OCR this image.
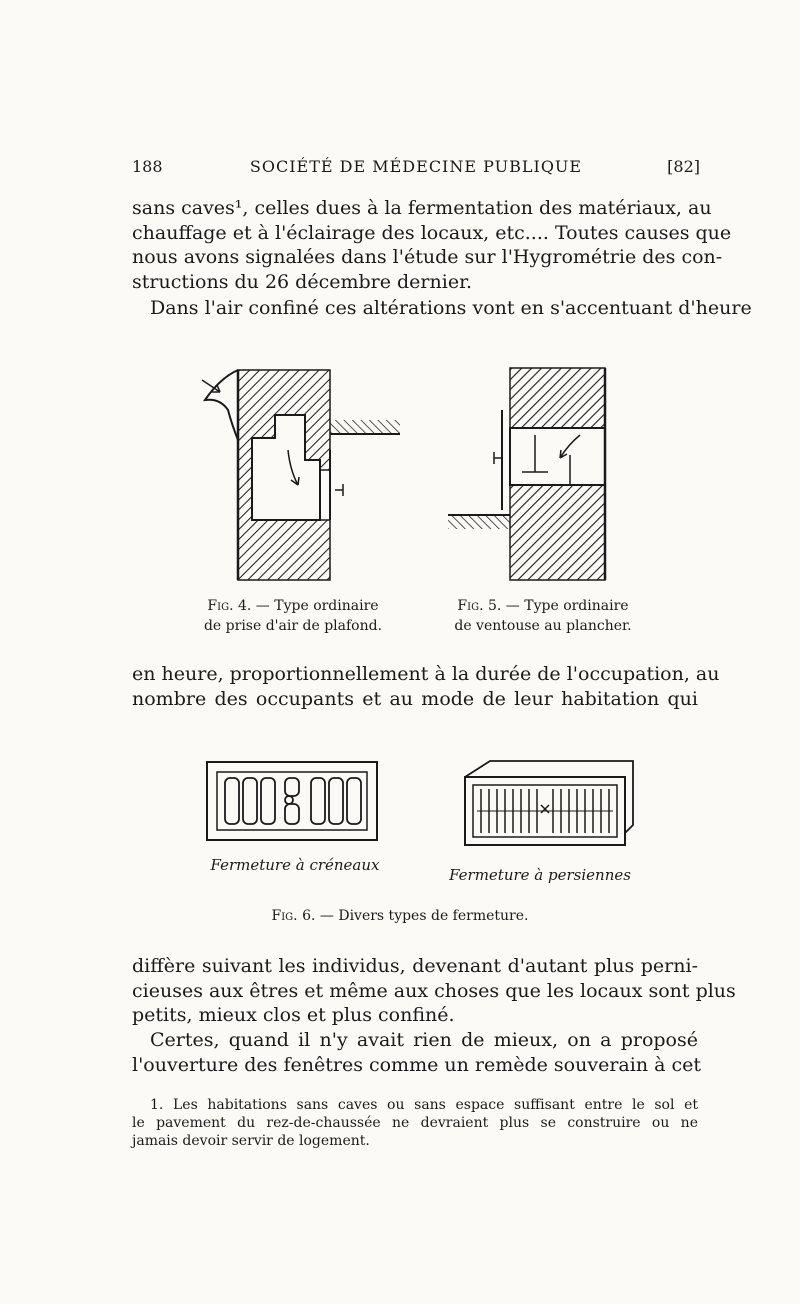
188	SOCIÉTÉ DE MÉDECINE PUBLIQUE	[82]
sans caves¹, celles dues à la fermentation des matériaux, au
chauffage et à l'éclairage des locaux, etc.... Toutes causes que
nous avons signalées dans l'étude sur l'Hygrométrie des con-
structions du 26 décembre dernier.
Dans l'air confiné ces altérations vont en s'accentuant d'heure
Fig. 4. — Type ordinaire
de prise d'air de plafond.
Fig. 5. — Type ordinaire
de ventouse au plancher.
en heure, proportionnellement à la durée de l'occupation, au
nombre des occupants et au mode de leur habitation qui
Fermeture à créneaux
Fermeture à persiennes
Fig. 6. — Divers types de fermeture.
diffère suivant les individus, devenant d'autant plus perni-
cieuses aux êtres et même aux choses que les locaux sont plus
petits, mieux clos et plus confiné.
Certes, quand il n'y avait rien de mieux, on a proposé
l'ouverture des fenêtres comme un remède souverain à cet
1. Les habitations sans caves ou sans espace suffisant entre le sol et
le pavement du rez-de-chaussée ne devraient plus se construire ou ne
jamais devoir servir de logement.
